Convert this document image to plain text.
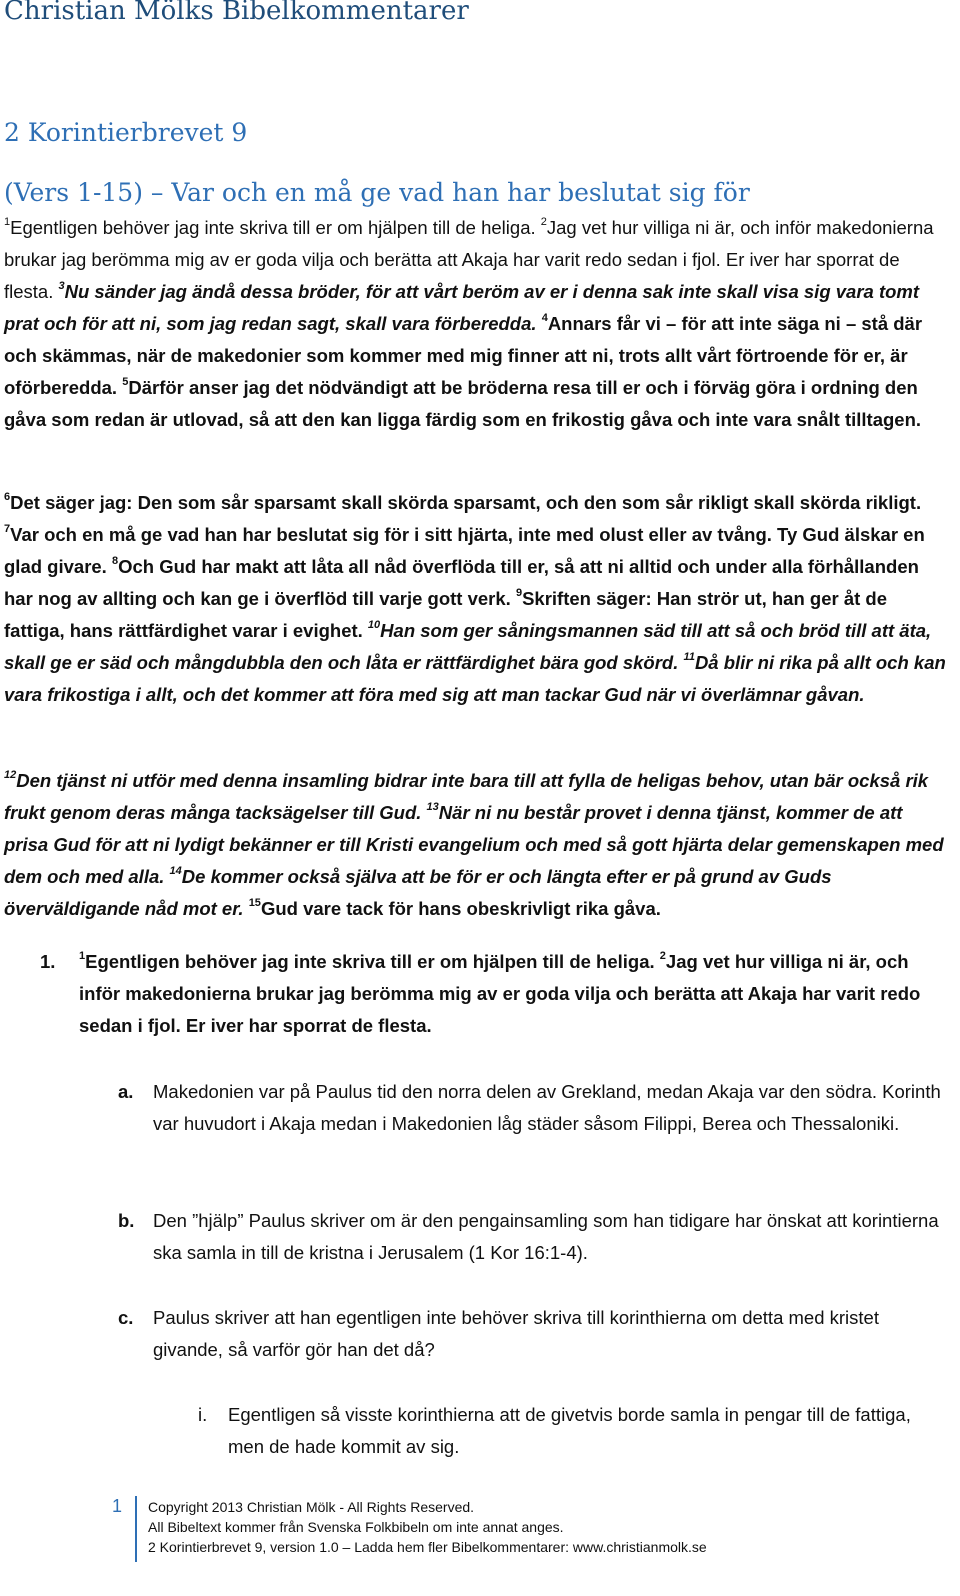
Christian Mölks Bibelkommentarer
2 Korintierbrevet 9
(Vers 1-15) – Var och en må ge vad han har beslutat sig för

$^1$Egentligen behöver jag inte skriva till er om hjälpen till de heliga. $^2$Jag vet hur villiga ni är, och inför makedonierna brukar jag berömma mig av er goda vilja och berätta att Akaja har varit redo sedan i fjol. Er iver har sporrat de flesta. $^3$Nu sänder jag ändå dessa bröder, för att vårt beröm av er i denna sak inte skall visa sig vara tomt prat och för att ni, som jag redan sagt, skall vara förberedda. $^4$Annars får vi – för att inte säga ni – stå där och skämmas, när de makedonier som kommer med mig finner att ni, trots allt vårt förtroende för er, är oförberedda. $^5$Därför anser jag det nödvändigt att be bröderna resa till er och i förväg göra i ordning den gåva som redan är utlovad, så att den kan ligga färdig som en frikostig gåva och inte vara snålt tilltagen.

$^6$Det säger jag: Den som sår sparsamt skall skörda sparsamt, och den som sår rikligt skall skörda rikligt. $^7$Var och en må ge vad han har beslutat sig för i sitt hjärta, inte med olust eller av tvång. Ty Gud älskar en glad givare. $^8$Och Gud har makt att låta all nåd överflöda till er, så att ni alltid och under alla förhållanden har nog av allting och kan ge i överflöd till varje gott verk. $^9$Skriften säger: Han strör ut, han ger åt de fattiga, hans rättfärdighet varar i evighet. $^{10}$Han som ger såningsmannen säd till att så och bröd till att äta, skall ge er säd och mångdubbla den och låta er rättfärdighet bära god skörd. $^{11}$Då blir ni rika på allt och kan vara frikostiga i allt, och det kommer att föra med sig att man tackar Gud när vi överlämnar gåvan.

$^{12}$Den tjänst ni utför med denna insamling bidrar inte bara till att fylla de heligas behov, utan bär också rik frukt genom deras många tacksägelser till Gud. $^{13}$När ni nu består provet i denna tjänst, kommer de att prisa Gud för att ni lydigt bekänner er till Kristi evangelium och med så gott hjärta delar gemenskapen med dem och med alla. $^{14}$De kommer också själva att be för er och längta efter er på grund av Guds överväldigande nåd mot er. $^{15}$Gud vare tack för hans obeskrivligt rika gåva.

1. $^1$Egentligen behöver jag inte skriva till er om hjälpen till de heliga. $^2$Jag vet hur villiga ni är, och inför makedonierna brukar jag berömma mig av er goda vilja och berätta att Akaja har varit redo sedan i fjol. Er iver har sporrat de flesta.
a. Makedonien var på Paulus tid den norra delen av Grekland, medan Akaja var den södra. Korinth var huvudort i Akaja medan i Makedonien låg städer såsom Filippi, Berea och Thessaloniki.
b. Den ”hjälp” Paulus skriver om är den pengainsamling som han tidigare har önskat att korintierna ska samla in till de kristna i Jerusalem (1 Kor 16:1-4).
c. Paulus skriver att han egentligen inte behöver skriva till korinthierna om detta med kristet givande, så varför gör han det då?
i. Egentligen så visste korinthierna att de givetvis borde samla in pengar till de fattiga, men de hade kommit av sig.
1 Copyright 2013 Christian Mölk - All Rights Reserved.
All Bibeltext kommer från Svenska Folkbibeln om inte annat anges.
2 Korintierbrevet 9, version 1.0 – Ladda hem fler Bibelkommentarer: www.christianmolk.se
